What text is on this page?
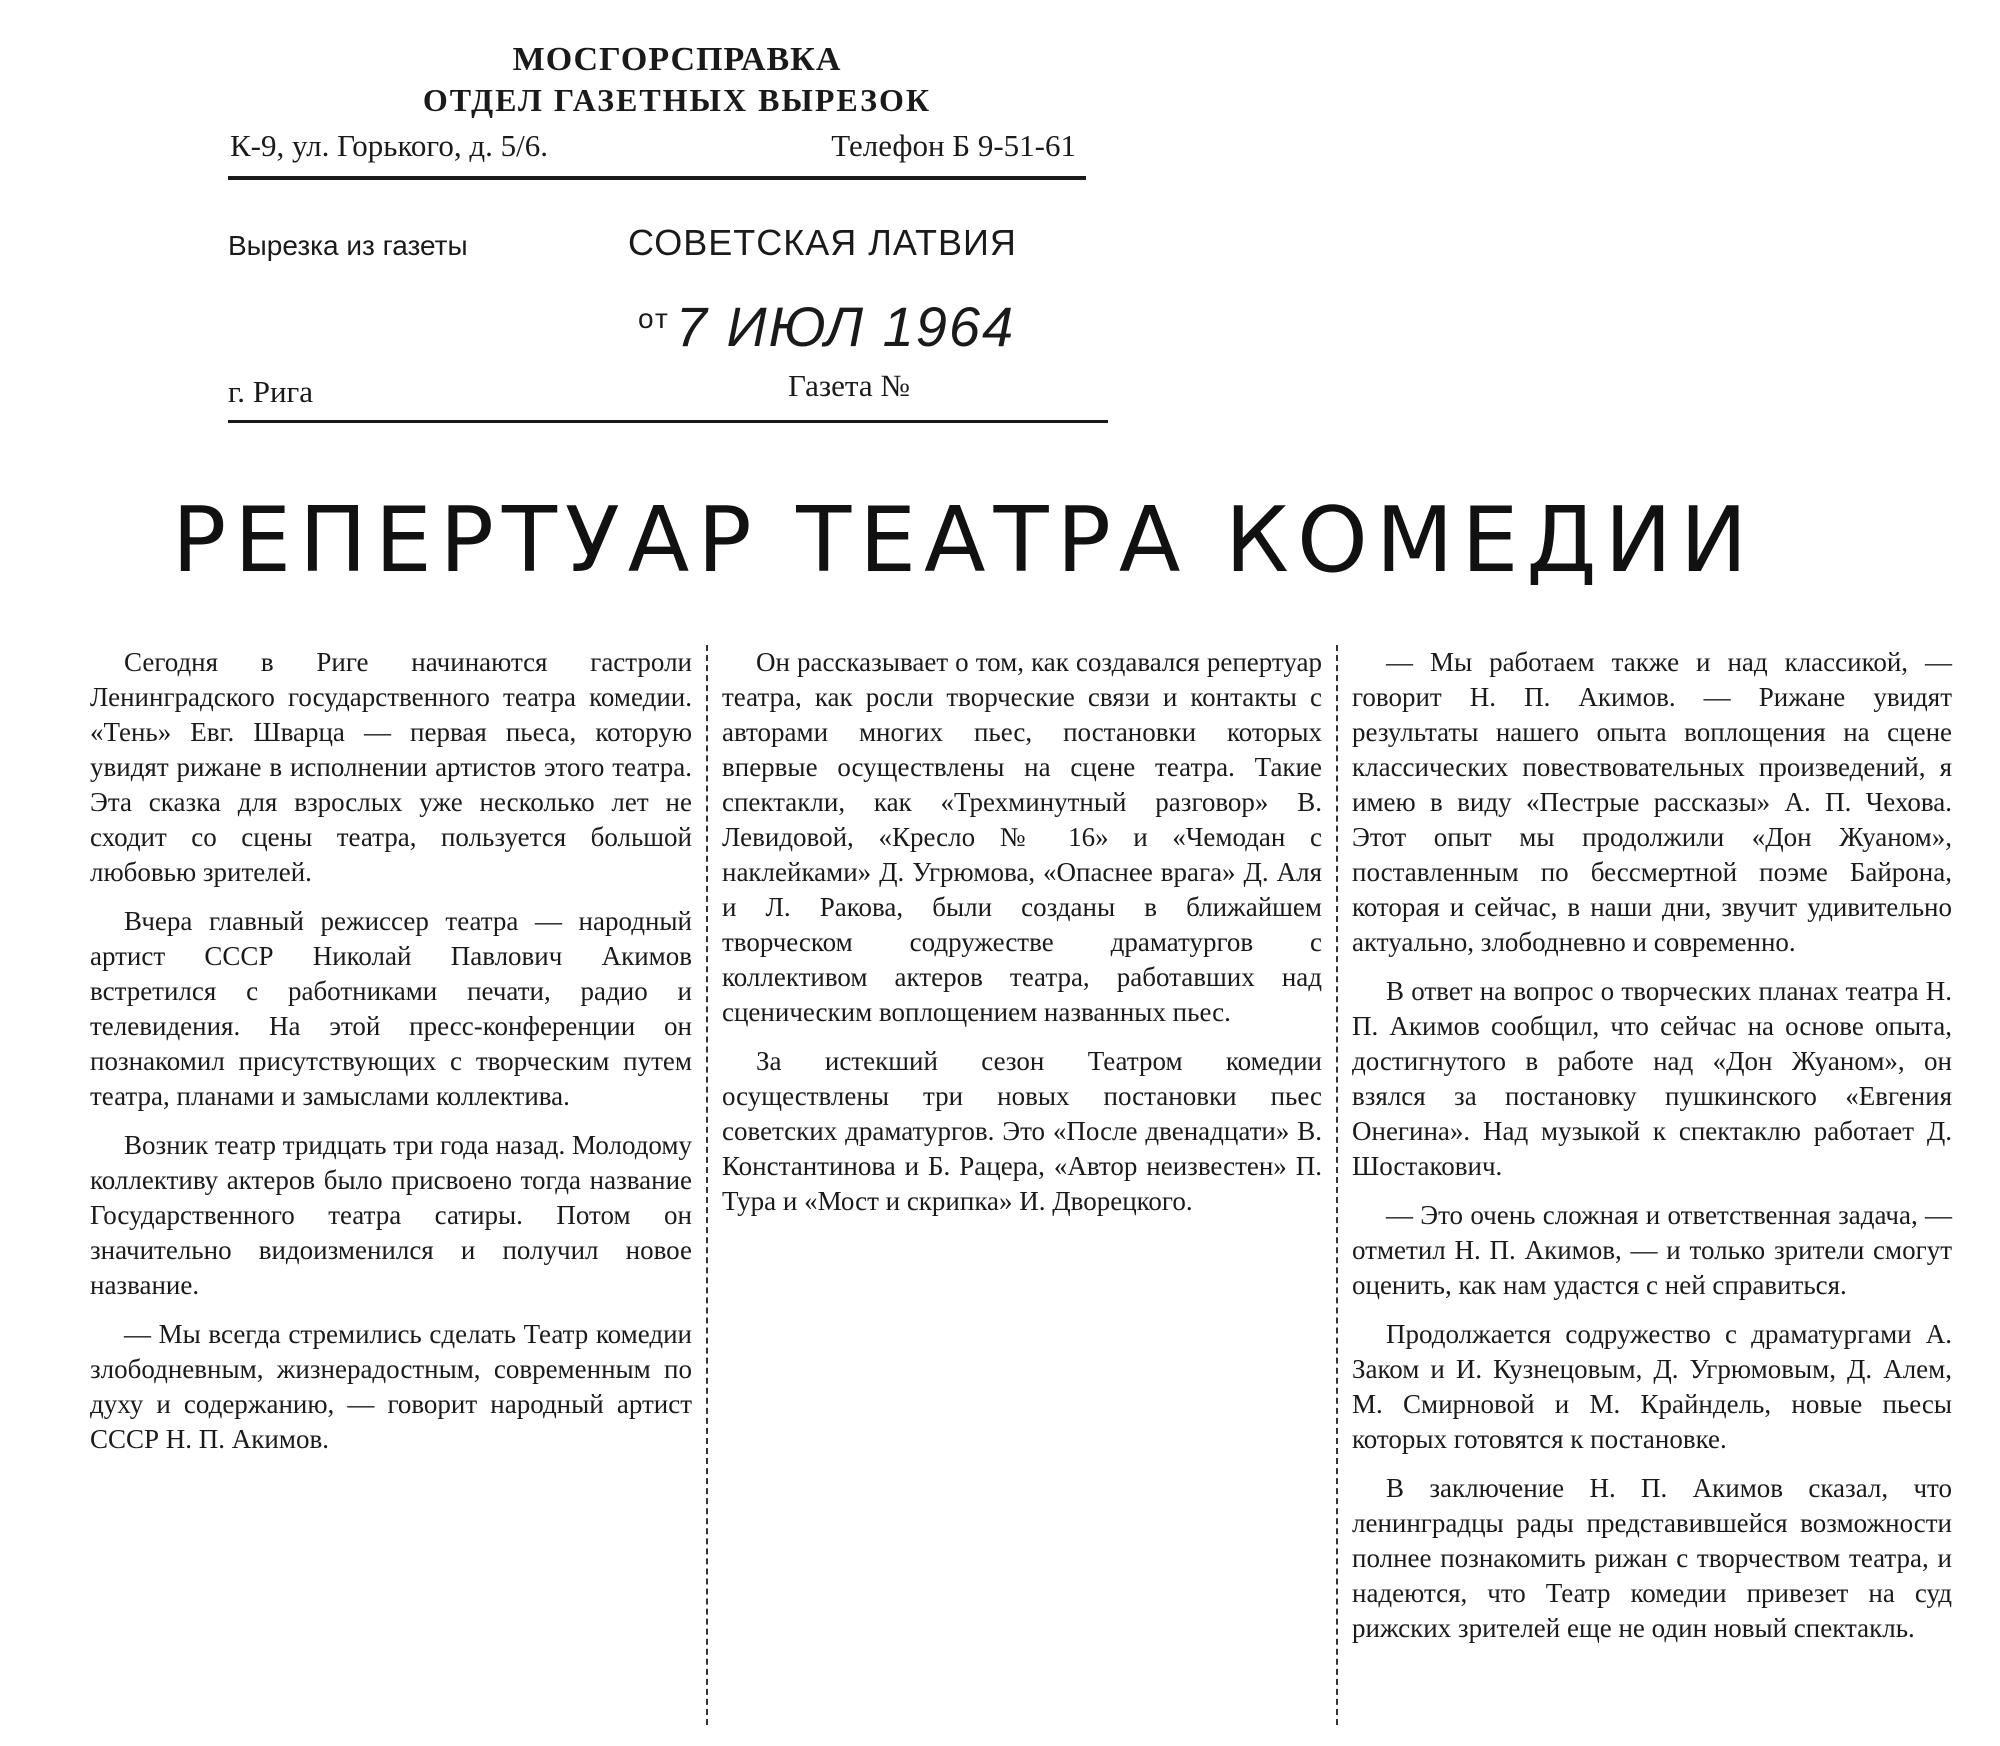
МОСГОРСПРАВКА
ОТДЕЛ ГАЗЕТНЫХ ВЫРЕЗОК
К-9, ул. Горького, д. 5/6.	Телефон Б 9-51-61
Вырезка из газеты	СОВЕТСКАЯ ЛАТВИЯ
$^{от}$ 7 ИЮЛ 1964
г. Рига	Газета №
РЕПЕРТУАР ТЕАТРА КОМЕДИИ

Сегодня в Риге начинаются гастроли Ленинградского государственного театра комедии. «Тень» Евг. Шварца — первая пьеса, которую увидят рижане в исполнении артистов этого театра. Эта сказка для взрослых уже несколько лет не сходит со сцены театра, пользуется большой любовью зрителей.

Вчера главный режиссер театра — народный артист СССР Николай Павлович Акимов встретился с работниками печати, радио и телевидения. На этой пресс-конференции он познакомил присутствующих с творческим путем театра, планами и замыслами коллектива.

Возник театр тридцать три года назад. Молодому коллективу актеров было присвоено тогда название Государственного театра сатиры. Потом он значительно видоизменился и получил новое название.

— Мы всегда стремились сделать Театр комедии злободневным, жизнерадостным, современным по духу и содержанию, — говорит народный артист СССР Н. П. Акимов.

Он рассказывает о том, как создавался репертуар театра, как росли творческие связи и контакты с авторами многих пьес, постановки которых впервые осуществлены на сцене театра. Такие спектакли, как «Трехминутный разговор» В. Левидовой, «Кресло № 16» и «Чемодан с наклейками» Д. Угрюмова, «Опаснее врага» Д. Аля и Л. Ракова, были созданы в ближайшем творческом содружестве драматургов с коллективом актеров театра, работавших над сценическим воплощением названных пьес.

За истекший сезон Театром комедии осуществлены три новых постановки пьес советских драматургов. Это «После двенадцати» В. Константинова и Б. Рацера, «Автор неизвестен» П. Тура и «Мост и скрипка» И. Дворецкого.

— Мы работаем также и над классикой, — говорит Н. П. Акимов. — Рижане увидят результаты нашего опыта воплощения на сцене классических повествовательных произведений, я имею в виду «Пестрые рассказы» А. П. Чехова. Этот опыт мы продолжили «Дон Жуаном», поставленным по бессмертной поэме Байрона, которая и сейчас, в наши дни, звучит удивительно актуально, злободневно и современно.

В ответ на вопрос о творческих планах театра Н. П. Акимов сообщил, что сейчас на основе опыта, достигнутого в работе над «Дон Жуаном», он взялся за постановку пушкинского «Евгения Онегина». Над музыкой к спектаклю работает Д. Шостакович.

— Это очень сложная и ответственная задача, — отметил Н. П. Акимов, — и только зрители смогут оценить, как нам удастся с ней справиться.

Продолжается содружество с драматургами А. Заком и И. Кузнецовым, Д. Угрюмовым, Д. Алем, М. Смирновой и М. Крайндель, новые пьесы которых готовятся к постановке.

В заключение Н. П. Акимов сказал, что ленинградцы рады представившейся возможности полнее познакомить рижан с творчеством театра, и надеются, что Театр комедии привезет на суд рижских зрителей еще не один новый спектакль.
